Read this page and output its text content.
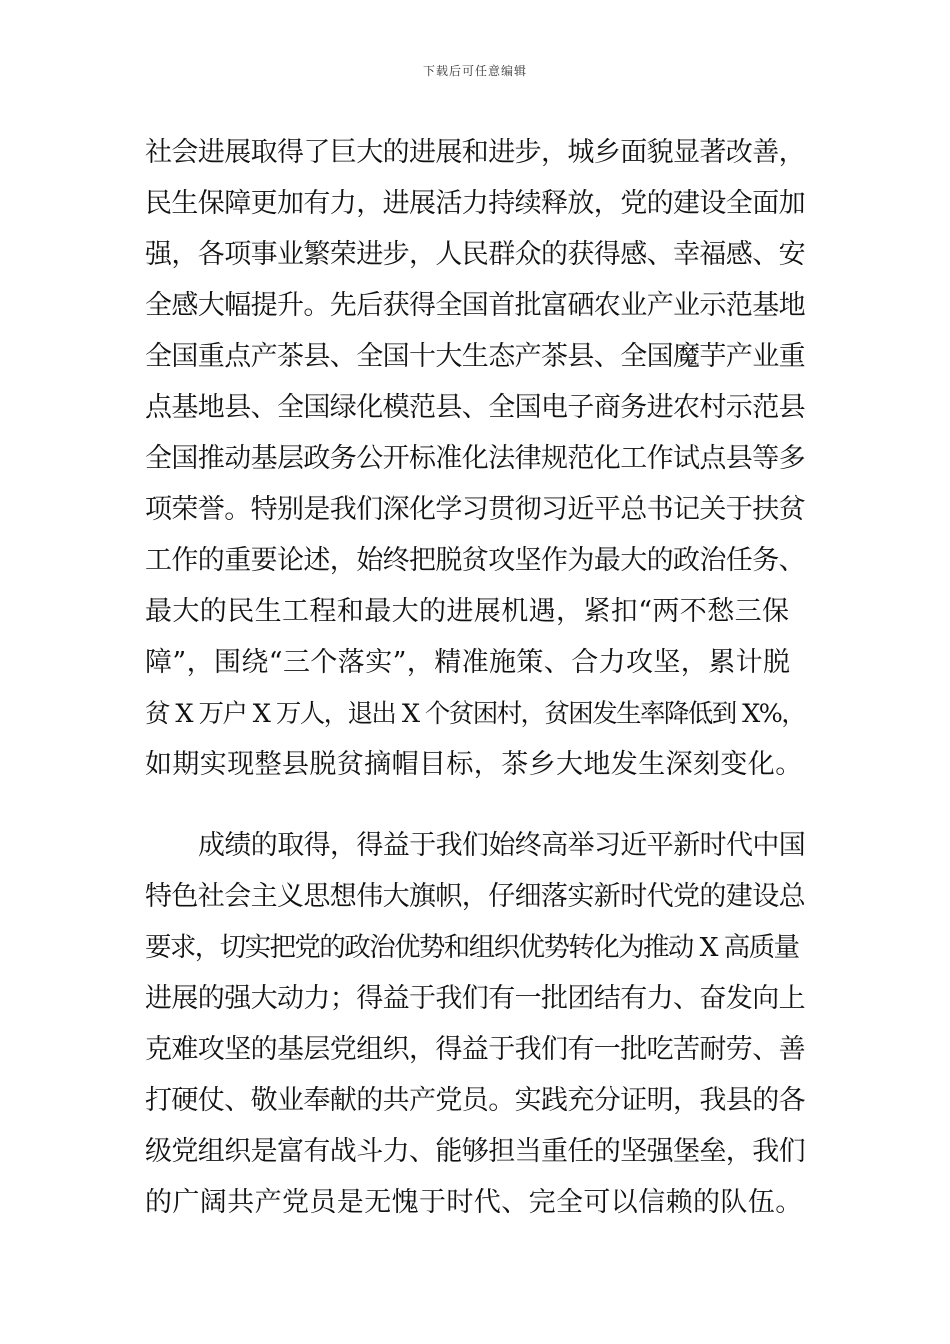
下载后可任意编辑
社会进展取得了巨大的进展和进步，城乡面貌显著改善，
民生保障更加有力，进展活力持续释放，党的建设全面加
强，各项事业繁荣进步，人民群众的获得感、幸福感、安
全感大幅提升。先后获得全国首批富硒农业产业示范基地
全国重点产茶县、全国十大生态产茶县、全国魔芋产业重
点基地县、全国绿化模范县、全国电子商务进农村示范县
全国推动基层政务公开标准化法律规范化工作试点县等多
项荣誉。特别是我们深化学习贯彻习近平总书记关于扶贫
工作的重要论述，始终把脱贫攻坚作为最大的政治任务、
最大的民生工程和最大的进展机遇，紧扣“两不愁三保
障”，围绕“三个落实”，精准施策、合力攻坚，累计脱
贫 X 万户 X 万人，退出 X 个贫困村，贫困发生率降低到 X%，
如期实现整县脱贫摘帽目标，茶乡大地发生深刻变化。
成绩的取得，得益于我们始终高举习近平新时代中国
特色社会主义思想伟大旗帜，仔细落实新时代党的建设总
要求，切实把党的政治优势和组织优势转化为推动 X 高质量
进展的强大动力；得益于我们有一批团结有力、奋发向上
克难攻坚的基层党组织，得益于我们有一批吃苦耐劳、善
打硬仗、敬业奉献的共产党员。实践充分证明，我县的各
级党组织是富有战斗力、能够担当重任的坚强堡垒，我们
的广阔共产党员是无愧于时代、完全可以信赖的队伍。
